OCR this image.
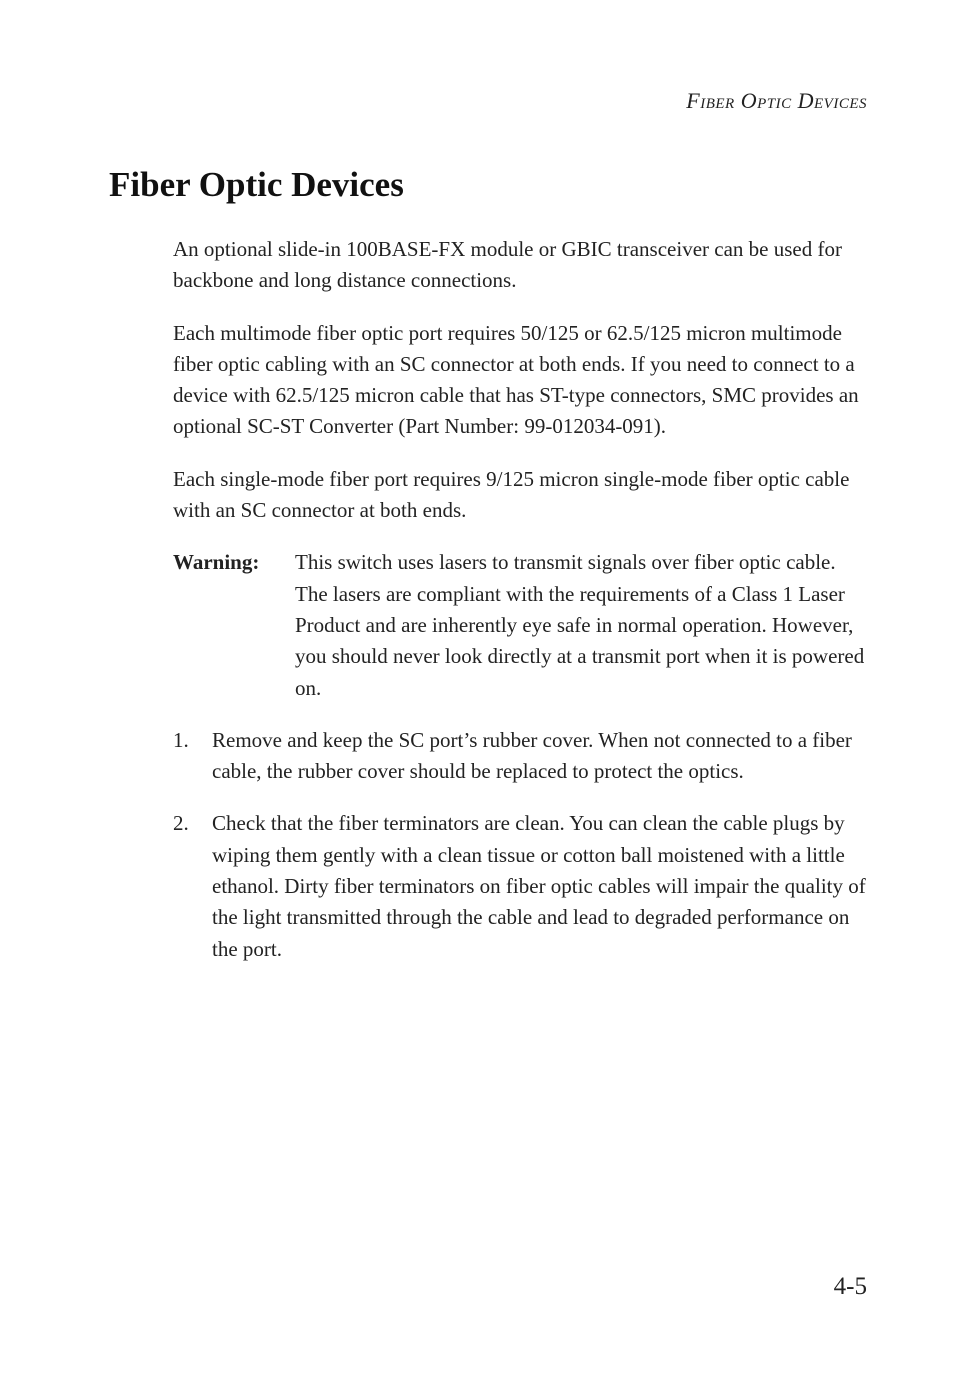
Fiber Optic Devices
Fiber Optic Devices

An optional slide-in 100BASE-FX module or GBIC transceiver can be used for backbone and long distance connections.

Each multimode fiber optic port requires 50/125 or 62.5/125 micron multimode fiber optic cabling with an SC connector at both ends. If you need to connect to a device with 62.5/125 micron cable that has ST-type connectors, SMC provides an optional SC-ST Converter (Part Number: 99-012034-091).

Each single-mode fiber port requires 9/125 micron single-mode fiber optic cable with an SC connector at both ends.

Warning:	This switch uses lasers to transmit signals over fiber optic cable. The lasers are compliant with the requirements of a Class 1 Laser Product and are inherently eye safe in normal operation. However, you should never look directly at a transmit port when it is powered on.
1.	Remove and keep the SC port’s rubber cover. When not connected to a fiber cable, the rubber cover should be replaced to protect the optics.
2.	Check that the fiber terminators are clean. You can clean the cable plugs by wiping them gently with a clean tissue or cotton ball moistened with a little ethanol. Dirty fiber terminators on fiber optic cables will impair the quality of the light transmitted through the cable and lead to degraded performance on the port.
4-5
